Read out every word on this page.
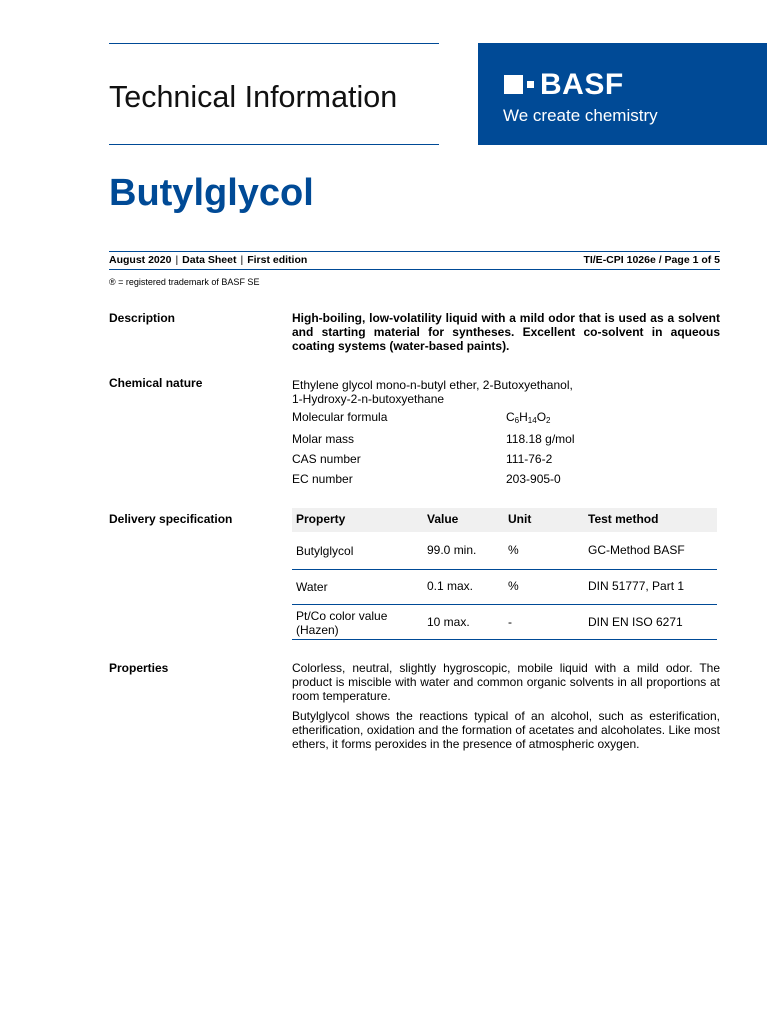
Technical Information	BASF
We create chemistry
Butylglycol
August 2020 | Data Sheet | First edition	TI/E-CPI 1026e / Page 1 of 5
® = registered trademark of BASF SE
Description	High-boiling, low-volatility liquid with a mild odor that is used as a solvent and starting material for syntheses. Excellent co-solvent in aqueous coating systems (water-based paints).
Chemical nature	Ethylene glycol mono-n-butyl ether, 2-Butoxyethanol,
1-Hydroxy-2-n-butoxyethane
Molecular formula	$C_6H_{14}O_2$
Molar mass	118.18 g/mol
CAS number	111-76-2
EC number	203-905-0
Delivery specification	Property	Value	Unit	Test method
Butylglycol	99.0 min.	%	GC-Method BASF
Water	0.1 max.	%	DIN 51777, Part 1
Pt/Co color value
(Hazen)
10 max.	-	DIN EN ISO 6271
Properties	Colorless, neutral, slightly hygroscopic, mobile liquid with a mild odor. The product is miscible with water and common organic solvents in all proportions at room temperature.
Butylglycol shows the reactions typical of an alcohol, such as esterification, etherification, oxidation and the formation of acetates and alcoholates. Like most ethers, it forms peroxides in the presence of atmospheric oxygen.
